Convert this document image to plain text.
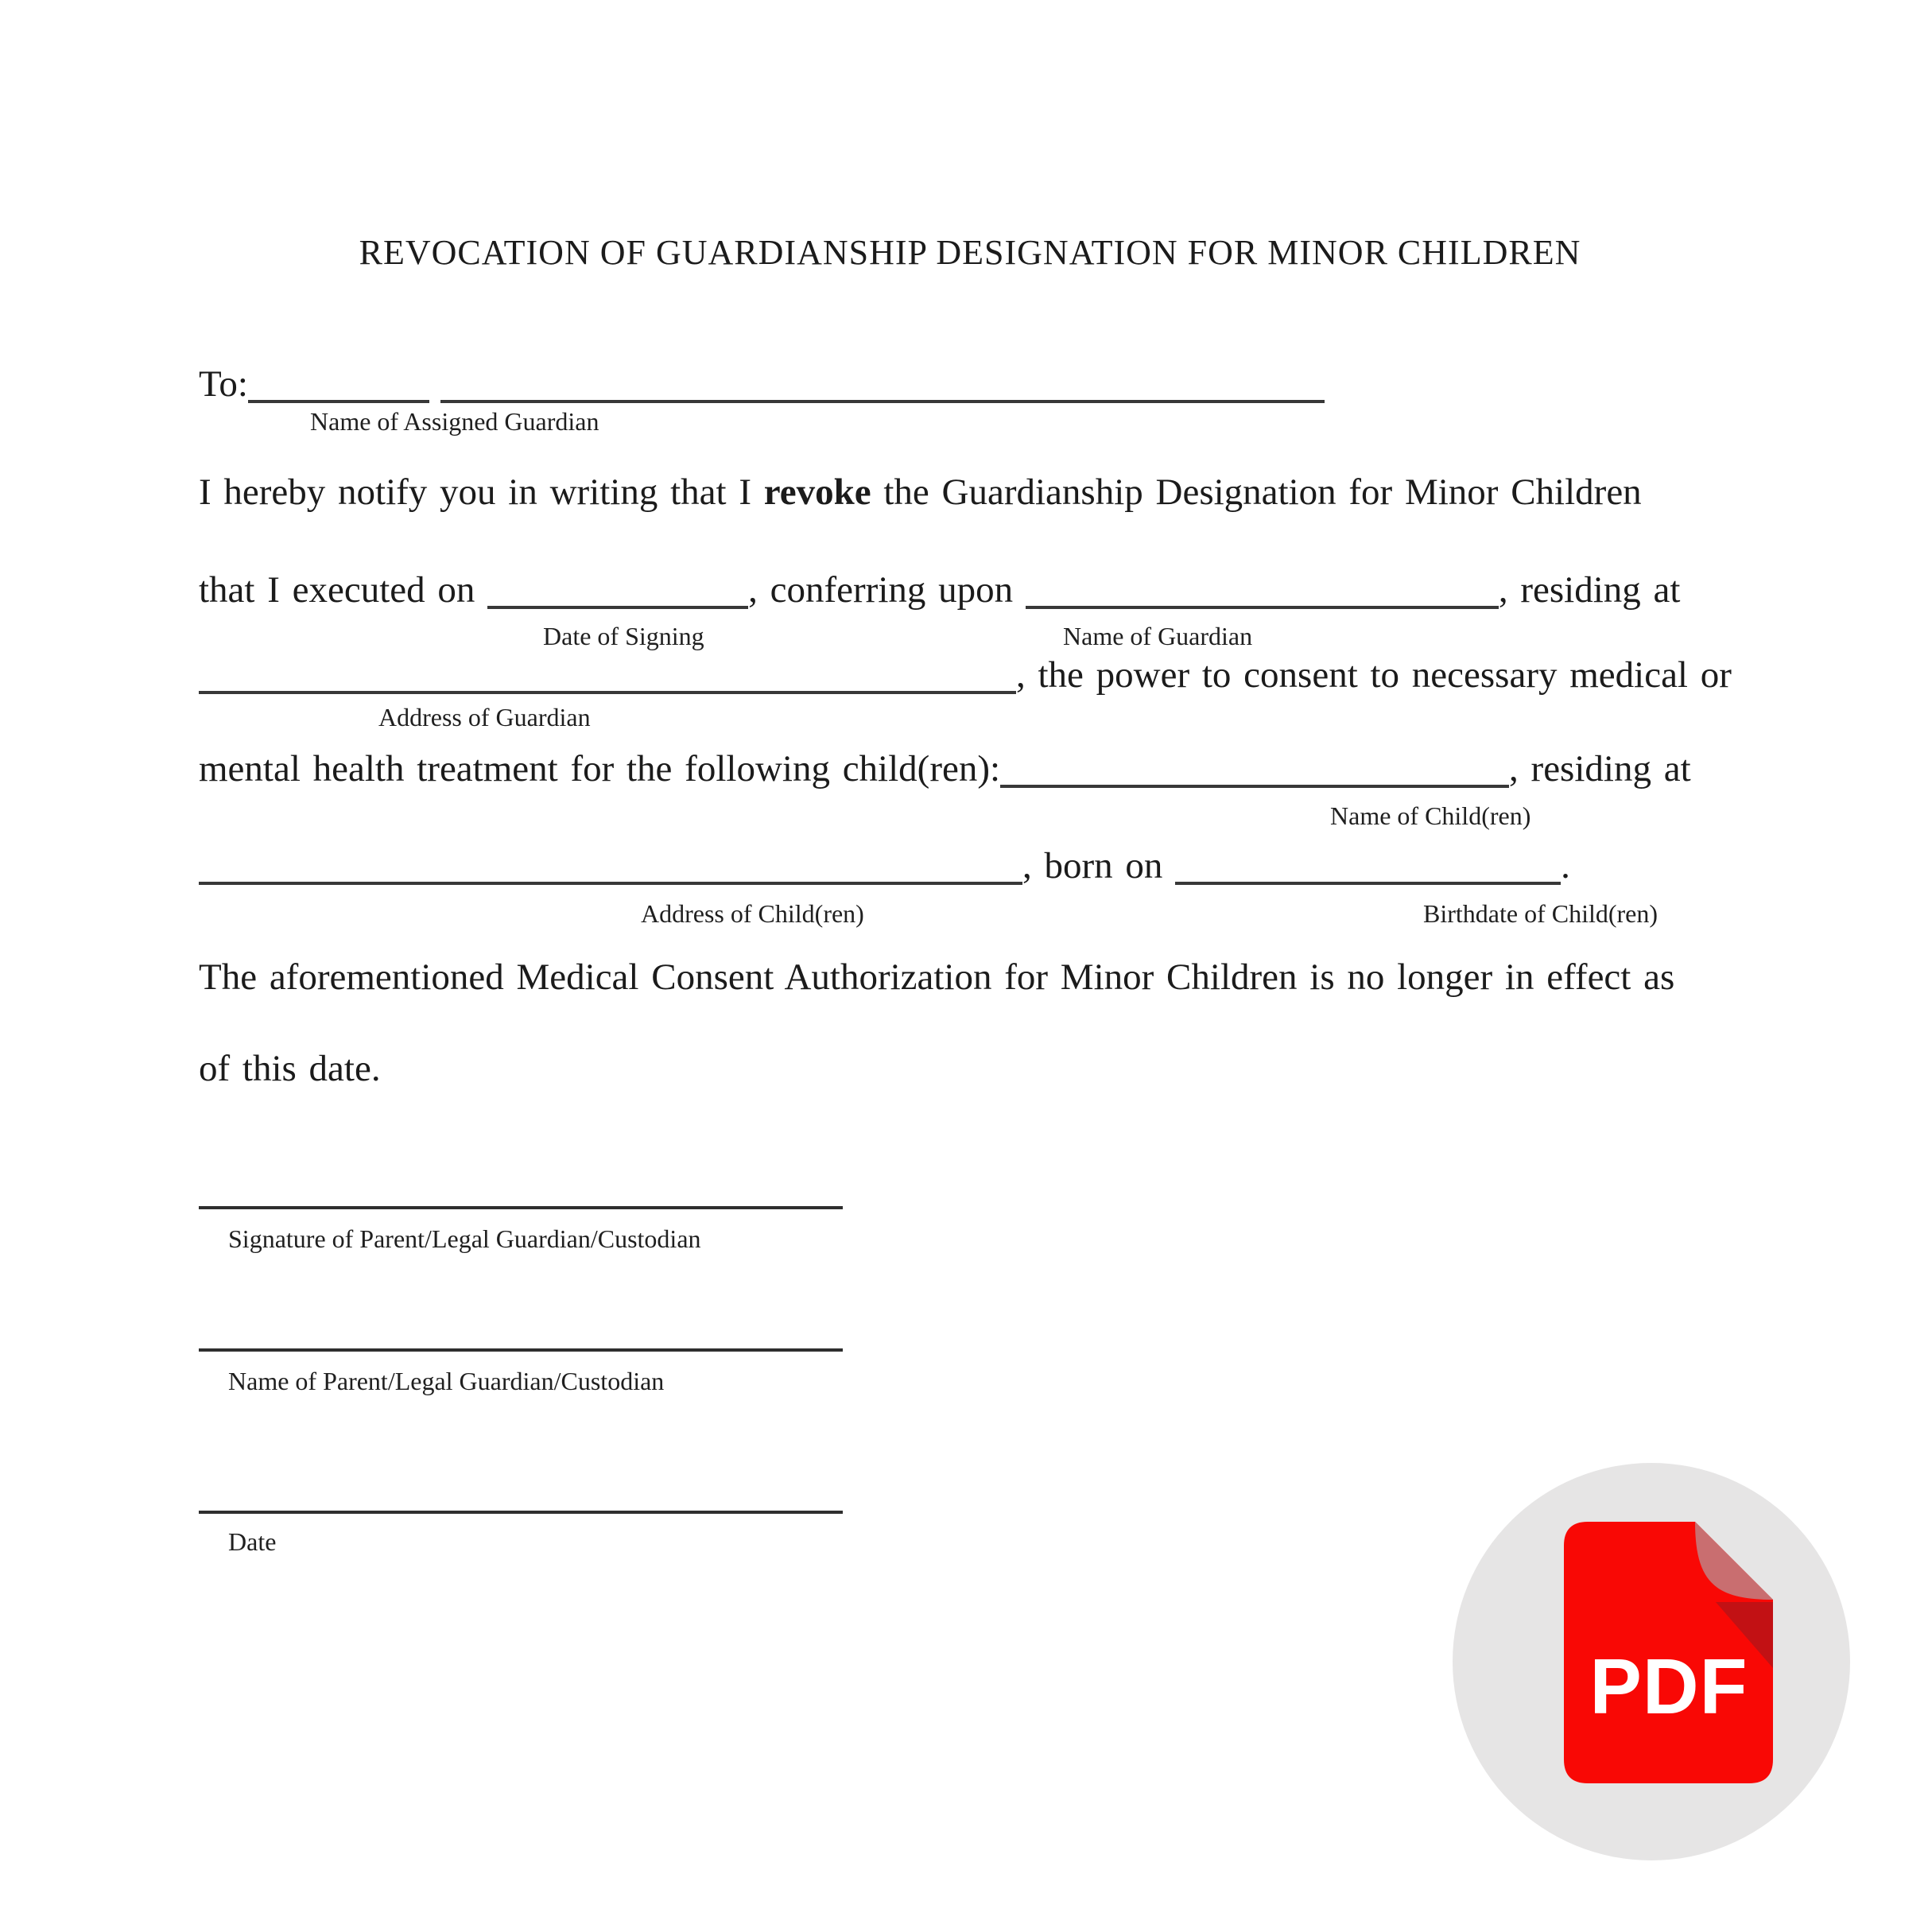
REVOCATION OF GUARDIANSHIP DESIGNATION FOR MINOR CHILDREN
To:
Name of Assigned Guardian
I hereby notify you in writing that I revoke the Guardianship Designation for Minor Children
that I executed on	, conferring upon	, residing at
Date of Signing	Name of Guardian
, the power to consent to necessary medical or
Address of Guardian
mental health treatment for the following child(ren):	, residing at
Name of Child(ren)
, born on	.
Address of Child(ren)	Birthdate of Child(ren)
The aforementioned Medical Consent Authorization for Minor Children is no longer in effect as
of this date.
Signature of Parent/Legal Guardian/Custodian
Name of Parent/Legal Guardian/Custodian
Date
PDF
